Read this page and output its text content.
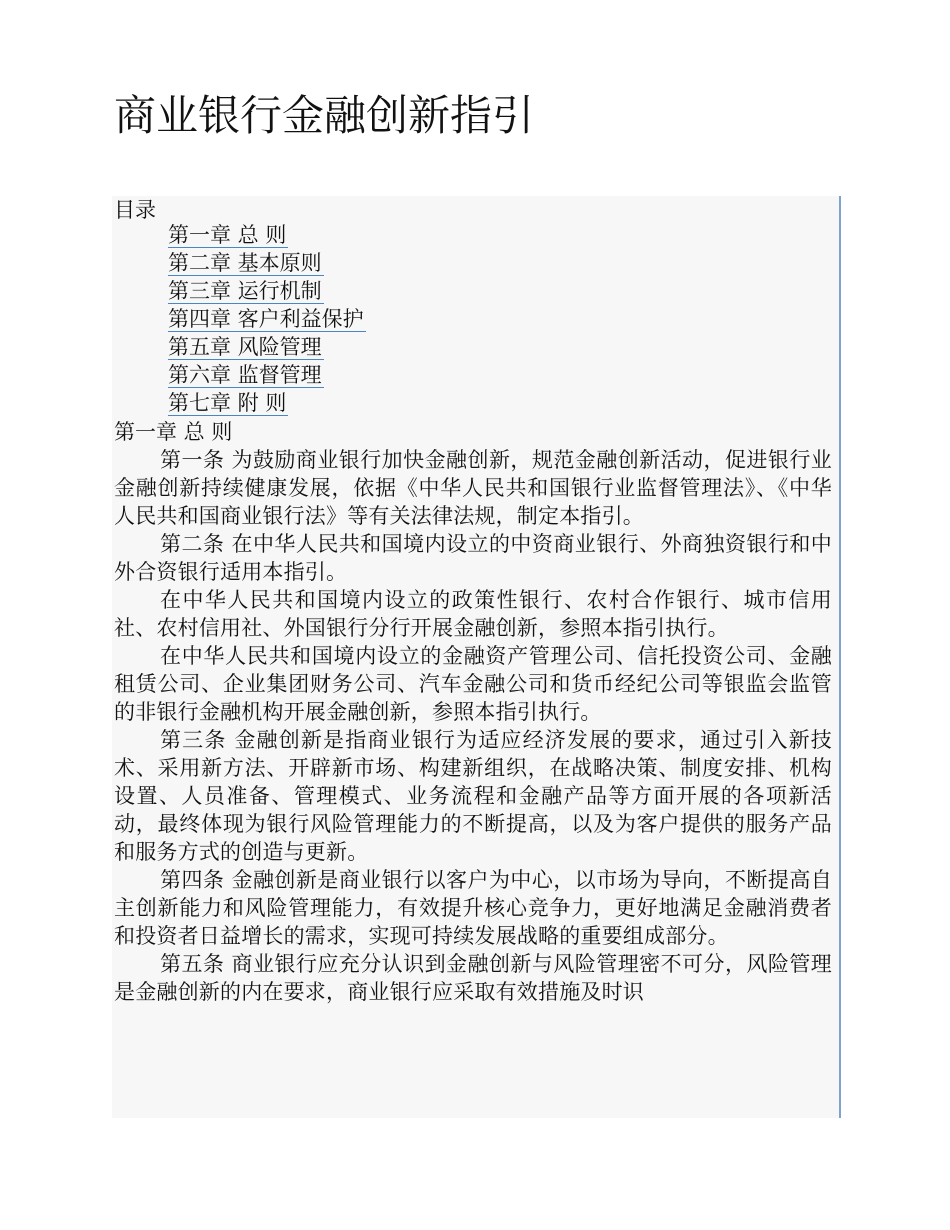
商业银行金融创新指引
目录
第一章 总 则
第二章 基本原则
第三章 运行机制
第四章 客户利益保护
第五章 风险管理
第六章 监督管理
第七章 附 则
第一章 总 则

第一条 为鼓励商业银行加快金融创新，规范金融创新活动，促进银行业金融创新持续健康发展，依据《中华人民共和国银行业监督管理法》、《中华人民共和国商业银行法》等有关法律法规，制定本指引。

第二条 在中华人民共和国境内设立的中资商业银行、外商独资银行和中外合资银行适用本指引。

在中华人民共和国境内设立的政策性银行、农村合作银行、城市信用社、农村信用社、外国银行分行开展金融创新，参照本指引执行。

在中华人民共和国境内设立的金融资产管理公司、信托投资公司、金融租赁公司、企业集团财务公司、汽车金融公司和货币经纪公司等银监会监管的非银行金融机构开展金融创新，参照本指引执行。

第三条 金融创新是指商业银行为适应经济发展的要求，通过引入新技术、采用新方法、开辟新市场、构建新组织，在战略决策、制度安排、机构设置、人员准备、管理模式、业务流程和金融产品等方面开展的各项新活动，最终体现为银行风险管理能力的不断提高，以及为客户提供的服务产品和服务方式的创造与更新。

第四条 金融创新是商业银行以客户为中心，以市场为导向，不断提高自主创新能力和风险管理能力，有效提升核心竞争力，更好地满足金融消费者和投资者日益增长的需求，实现可持续发展战略的重要组成部分。

第五条 商业银行应充分认识到金融创新与风险管理密不可分，风险管理是金融创新的内在要求，商业银行应采取有效措施及时识
